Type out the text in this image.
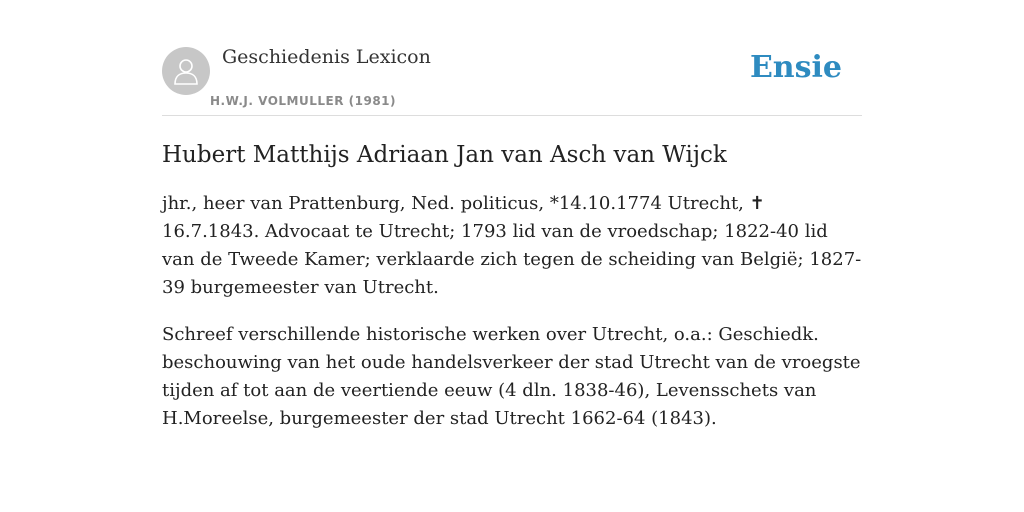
Geschiedenis Lexicon
H.W.J. VOLMULLER (1981)
Ensie
Hubert Matthijs Adriaan Jan van Asch van Wijck

jhr., heer van Prattenburg, Ned. politicus, *14.10.1774 Utrecht, ✝ 16.7.1843. Advocaat te Utrecht; 1793 lid van de vroedschap; 1822-40 lid van de Tweede Kamer; verklaarde zich tegen de scheiding van België; 1827-39 burgemeester van Utrecht.

Schreef verschillende historische werken over Utrecht, o.a.: Geschiedk. beschouwing van het oude handelsverkeer der stad Utrecht van de vroegste tijden af tot aan de veertiende eeuw (4 dln. 1838-46), Levensschets van H.Moreelse, burgemeester der stad Utrecht 1662-64 (1843).
